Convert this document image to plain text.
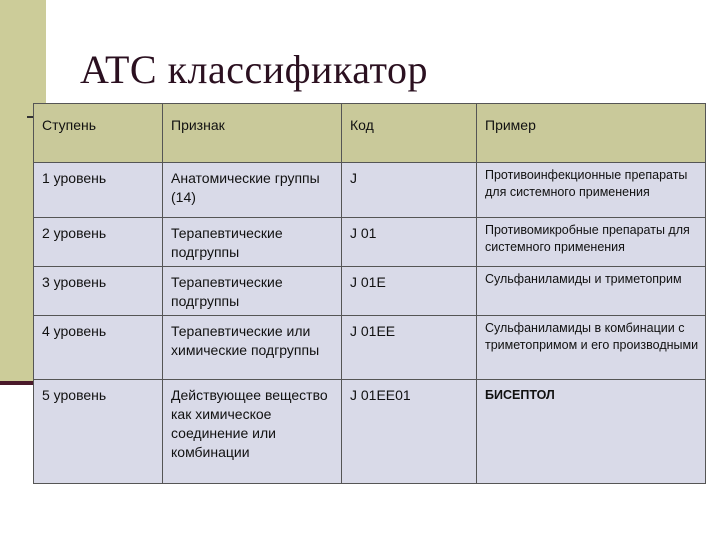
ATC классификатор
Ступень	Признак	Код	Пример
1 уровень	Анатомические группы (14)	J	Противоинфекционные препараты для системного применения
2 уровень	Терапевтические подгруппы	J 01	Противомикробные препараты для системного применения
3 уровень	Терапевтические подгруппы	J 01E	Сульфаниламиды и триметоприм
4 уровень	Терапевтические или химические подгруппы	J 01EE	Сульфаниламиды в комбинации с триметопримом и его производными
5 уровень	Действующее вещество как химическое соединение или комбинации	J 01EE01	БИСЕПТОЛ
